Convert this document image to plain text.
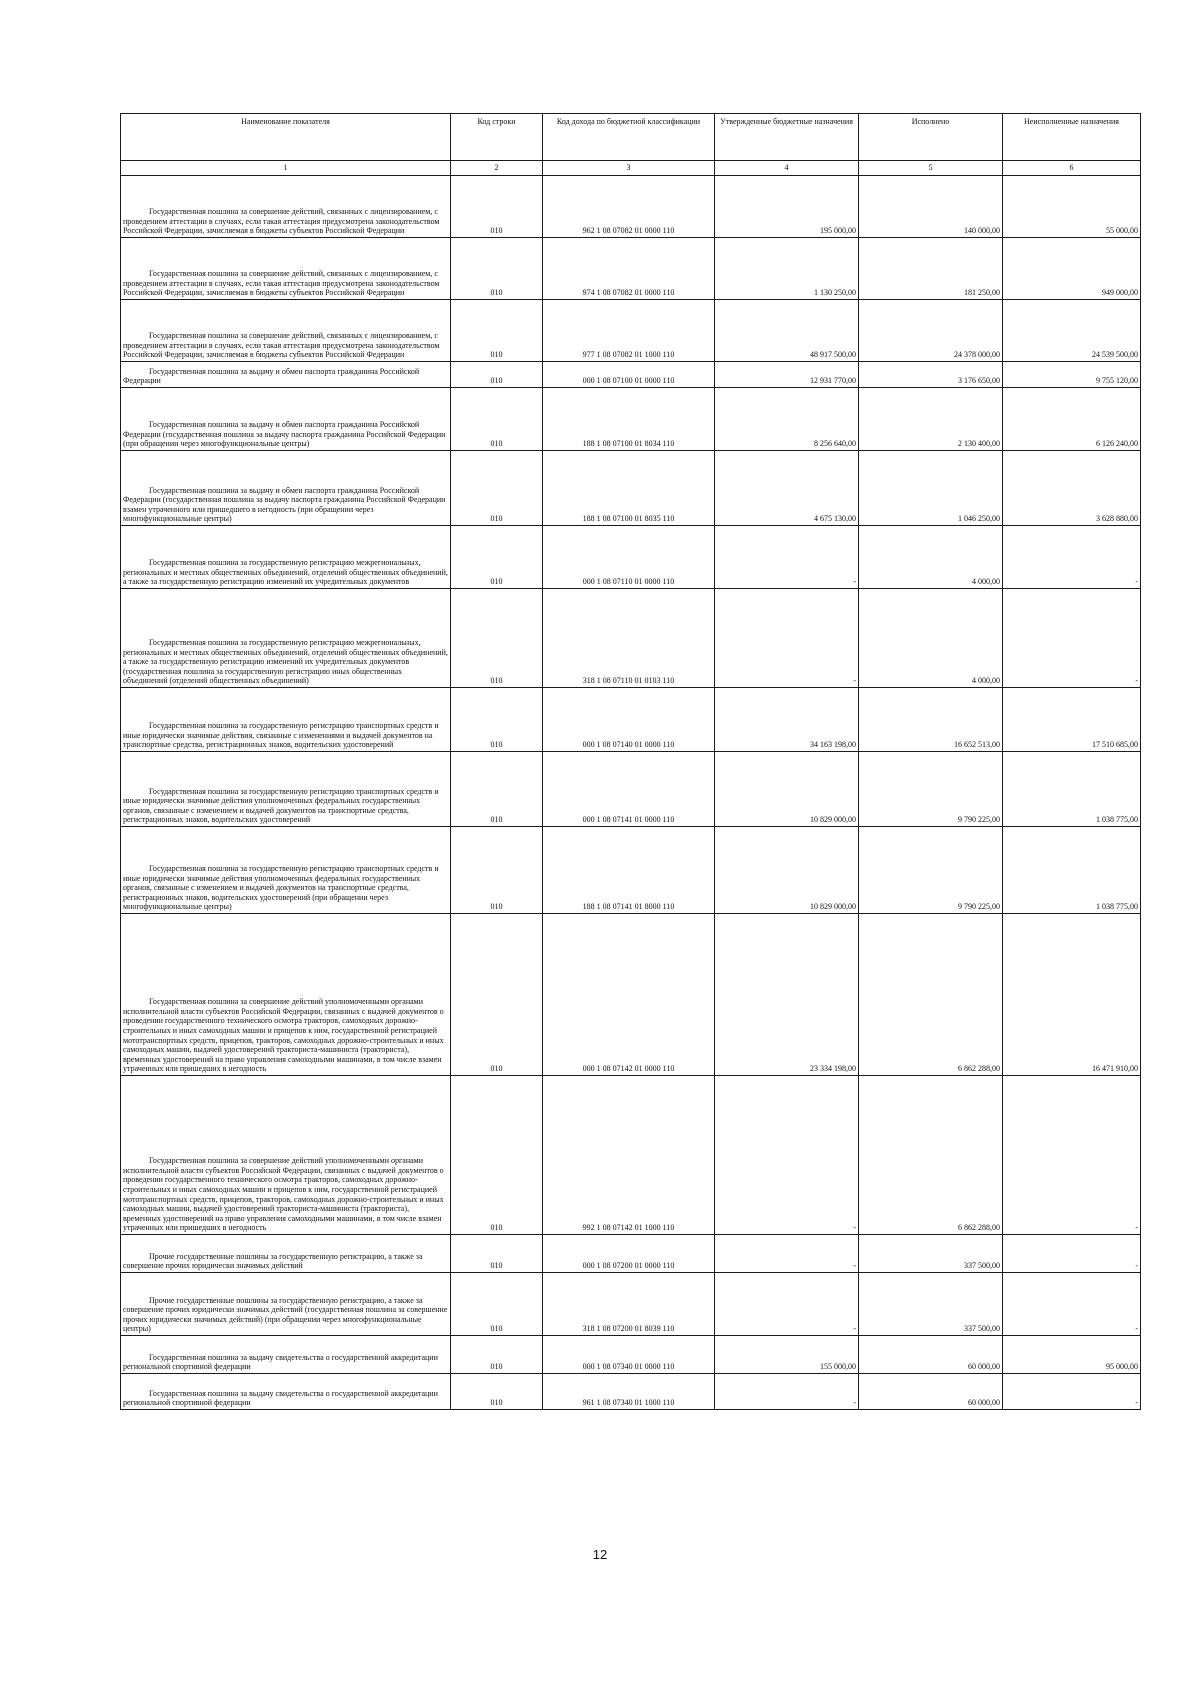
Наименование показателя	Код строки	Код дохода по бюджетной классификации	Утвержденные бюджетные назначения	Исполнено	Неисполненные назначения
1	2	3	4	5	6
Государственная пошлина за совершение действий, связанных с лицензированием, с проведением аттестации в случаях, если такая аттестация предусмотрена законодательством Российской Федерации, зачисляемая в бюджеты субъектов Российской Федерации	010	962 1 08 07082 01 0000 110	195 000,00	140 000,00	55 000,00
Государственная пошлина за совершение действий, связанных с лицензированием, с проведением аттестации в случаях, если такая аттестация предусмотрена законодательством Российской Федерации, зачисляемая в бюджеты субъектов Российской Федерации	010	974 1 08 07082 01 0000 110	1 130 250,00	181 250,00	949 000,00
Государственная пошлина за совершение действий, связанных с лицензированием, с проведением аттестации в случаях, если такая аттестация предусмотрена законодательством Российской Федерации, зачисляемая в бюджеты субъектов Российской Федерации	010	977 1 08 07082 01 1000 110	48 917 500,00	24 378 000,00	24 539 500,00
Государственная пошлина за выдачу и обмен паспорта гражданина Российской Федерации	010	000 1 08 07100 01 0000 110	12 931 770,00	3 176 650,00	9 755 120,00
Государственная пошлина за выдачу и обмен паспорта гражданина Российской Федерации (государственная пошлина за выдачу паспорта гражданина Российской Федерации (при обращении через многофункциональные центры)	010	188 1 08 07100 01 8034 110	8 256 640,00	2 130 400,00	6 126 240,00
Государственная пошлина за выдачу и обмен паспорта гражданина Российской Федерации (государственная пошлина за выдачу паспорта гражданина Российской Федерации взамен утраченного или пришедшего в негодность (при обращении через многофункциональные центры)	010	188 1 08 07100 01 8035 110	4 675 130,00	1 046 250,00	3 628 880,00
Государственная пошлина за государственную регистрацию межрегиональных, региональных и местных общественных объединений, отделений общественных объединений, а также за государственную регистрацию изменений их учредительных документов	010	000 1 08 07110 01 0000 110	-	4 000,00	-
Государственная пошлина за государственную регистрацию межрегиональных, региональных и местных общественных объединений, отделений общественных объединений, а также за государственную регистрацию изменений их учредительных документов (государственная пошлина за государственную регистрацию иных общественных объединений (отделений общественных объединений)	010	318 1 08 07110 01 0103 110	-	4 000,00	-
Государственная пошлина за государственную регистрацию транспортных средств и иные юридически значимые действия, связанные с изменениями и выдачей документов на транспортные средства, регистрационных знаков, водительских удостоверений	010	000 1 08 07140 01 0000 110	34 163 198,00	16 652 513,00	17 510 685,00
Государственная пошлина за государственную регистрацию транспортных средств и иные юридически значимые действия уполномоченных федеральных государственных органов, связанные с изменением и выдачей документов на транспортные средства, регистрационных знаков, водительских удостоверений	010	000 1 08 07141 01 0000 110	10 829 000,00	9 790 225,00	1 038 775,00
Государственная пошлина за государственную регистрацию транспортных средств и иные юридически значимые действия уполномоченных федеральных государственных органов, связанные с изменением и выдачей документов на транспортные средства, регистрационных знаков, водительских удостоверений (при обращении через многофункциональные центры)	010	188 1 08 07141 01 8000 110	10 829 000,00	9 790 225,00	1 038 775,00
Государственная пошлина за совершение действий уполномоченными органами исполнительной власти субъектов Российской Федерации, связанных с выдачей документов о проведении государственного технического осмотра тракторов, самоходных дорожно-строительных и иных самоходных машин и прицепов к ним, государственной регистрацией мототранспортных средств, прицепов, тракторов, самоходных дорожно-строительных и иных самоходных машин, выдачей удостоверений тракториста-машиниста (тракториста), временных удостоверений на право управления самоходными машинами, в том числе взамен утраченных или пришедших в негодность	010	000 1 08 07142 01 0000 110	23 334 198,00	6 862 288,00	16 471 910,00
Государственная пошлина за совершение действий уполномоченными органами исполнительной власти субъектов Российской Федерации, связанных с выдачей документов о проведении государственного технического осмотра тракторов, самоходных дорожно-строительных и иных самоходных машин и прицепов к ним, государственной регистрацией мототранспортных средств, прицепов, тракторов, самоходных дорожно-строительных и иных самоходных машин, выдачей удостоверений тракториста-машиниста (тракториста), временных удостоверений на право управления самоходными машинами, в том числе взамен утраченных или пришедших в негодность	010	992 1 08 07142 01 1000 110	-	6 862 288,00	-
Прочие государственные пошлины за государственную регистрацию, а также за совершение прочих юридически значимых действий	010	000 1 08 07200 01 0000 110	-	337 500,00	-
Прочие государственные пошлины за государственную регистрацию, а также за совершение прочих юридически значимых действий (государственная пошлина за совершение прочих юридически значимых действий) (при обращении через многофункциональные центры)	010	318 1 08 07200 01 8039 110	-	337 500,00	-
Государственная пошлина за выдачу свидетельства о государственной аккредитации региональной спортивной федерации	010	000 1 08 07340 01 0000 110	155 000,00	60 000,00	95 000,00
Государственная пошлина за выдачу свидетельства о государственной аккредитации региональной спортивной федерации	010	961 1 08 07340 01 1000 110	-	60 000,00	-
12
